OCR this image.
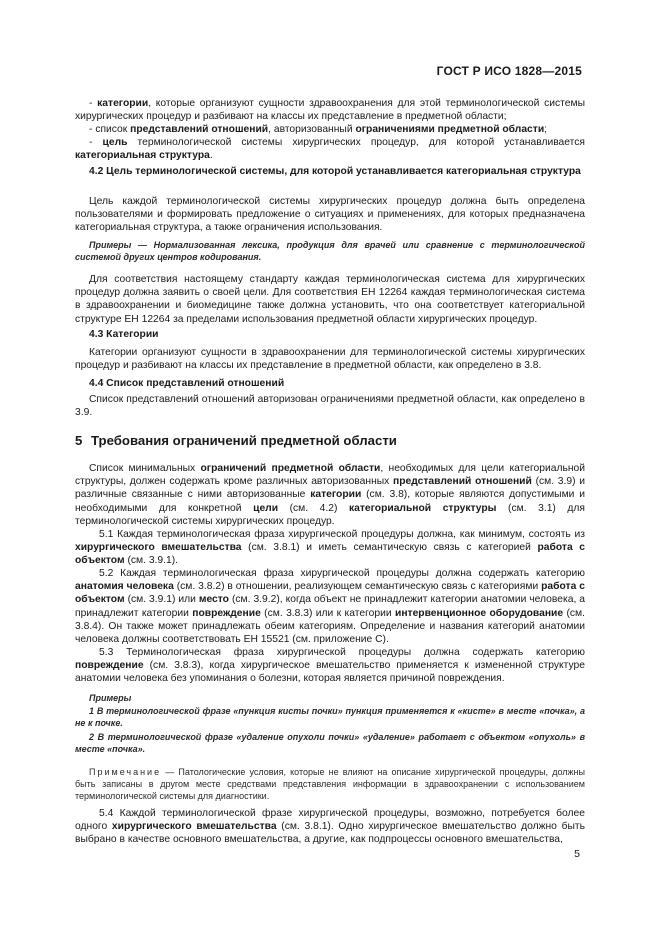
ГОСТ Р ИСО 1828—2015
- категории, которые организуют сущности здравоохранения для этой терминологической системы хирургических процедур и разбивают на классы их представление в предметной области;
- список представлений отношений, авторизованный ограничениями предметной области;
- цель терминологической системы хирургических процедур, для которой устанавливается категориальная структура.
4.2 Цель терминологической системы, для которой устанавливается категориальная структура
Цель каждой терминологической системы хирургических процедур должна быть определена пользователями и формировать предложение о ситуациях и применениях, для которых предназначена категориальная структура, а также ограничения использования.
Примеры — Нормализованная лексика, продукция для врачей или сравнение с терминологической системой других центров кодирования.
Для соответствия настоящему стандарту каждая терминологическая система для хирургических процедур должна заявить о своей цели. Для соответствия ЕН 12264 каждая терминологическая система в здравоохранении и биомедицине также должна установить, что она соответствует категориальной структуре ЕН 12264 за пределами использования предметной области хирургических процедур.
4.3 Категории
Категории организуют сущности в здравоохранении для терминологической системы хирургических процедур и разбивают на классы их представление в предметной области, как определено в 3.8.
4.4 Список представлений отношений
Список представлений отношений авторизован ограничениями предметной области, как определено в 3.9.
5 Требования ограничений предметной области
Список минимальных ограничений предметной области, необходимых для цели категориальной структуры, должен содержать кроме различных авторизованных представлений отношений (см. 3.9) и различные связанные с ними авторизованные категории (см. 3.8), которые являются допустимыми и необходимыми для конкретной цели (см. 4.2) категориальной структуры (см. 3.1) для терминологической системы хирургических процедур.
5.1 Каждая терминологическая фраза хирургической процедуры должна, как минимум, состоять из хирургического вмешательства (см. 3.8.1) и иметь семантическую связь с категорией работа с объектом (см. 3.9.1).
5.2 Каждая терминологическая фраза хирургической процедуры должна содержать категорию анатомия человека (см. 3.8.2) в отношении, реализующем семантическую связь с категориями работа с объектом (см. 3.9.1) или место (см. 3.9.2), когда объект не принадлежит категории анатомии человека, а принадлежит категории повреждение (см. 3.8.3) или к категории интервенционное оборудование (см. 3.8.4). Он также может принадлежать обеим категориям. Определение и названия категорий анатомии человека должны соответствовать ЕН 15521 (см. приложение С).
5.3 Терминологическая фраза хирургической процедуры должна содержать категорию повреждение (см. 3.8.3), когда хирургическое вмешательство применяется к измененной структуре анатомии человека без упоминания о болезни, которая является причиной повреждения.
Примеры
1 В терминологической фразе «пункция кисты почки» пункция применяется к «кисте» в месте «почка», а не к почке.
2 В терминологической фразе «удаление опухоли почки» «удаление» работает с объектом «опухоль» в месте «почка».
Примечание — Патологические условия, которые не влияют на описание хирургической процедуры, должны быть записаны в другом месте средствами представления информации в здравоохранении с использованием терминологической системы для диагностики.
5.4 Каждой терминологической фразе хирургической процедуры, возможно, потребуется более одного хирургического вмешательства (см. 3.8.1). Одно хирургическое вмешательство должно быть выбрано в качестве основного вмешательства, а другие, как подпроцессы основного вмешательства,
5
